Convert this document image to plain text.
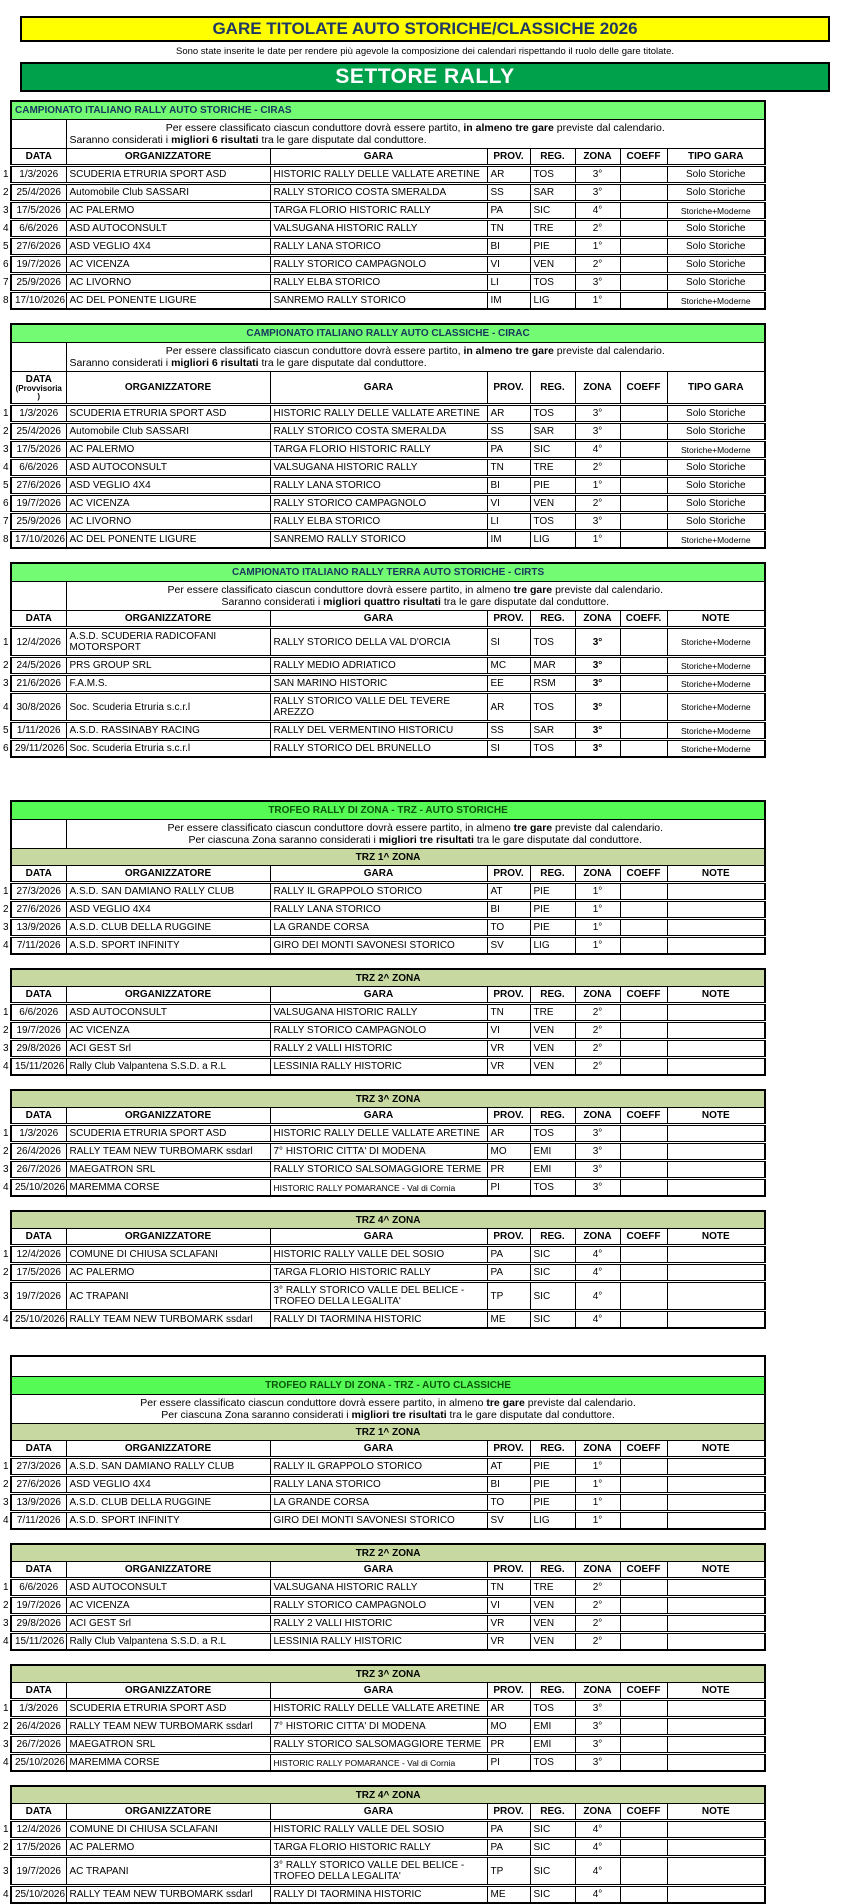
GARE TITOLATE AUTO STORICHE/CLASSICHE 2026
Sono state inserite le date per rendere più agevole la composizione dei calendari rispettando il ruolo delle gare titolate.
SETTORE RALLY
	CAMPIONATO ITALIANO RALLY AUTO STORICHE - CIRAS							

		Per essere classificato ciascun conduttore dovrà essere partito, in almeno tre gare previste dal calendario.
Saranno considerati i migliori 6 risultati tra le gare disputate dal conduttore.						

	DATA	ORGANIZZATORE	GARA	PROV.	REG.	ZONA	COEFF	TIPO GARA
1	1/3/2026	SCUDERIA ETRURIA SPORT ASD	HISTORIC RALLY DELLE VALLATE ARETINE	AR	TOS	3°		Solo Storiche
2	25/4/2026	Automobile Club SASSARI	RALLY STORICO COSTA SMERALDA	SS	SAR	3°		Solo Storiche
3	17/5/2026	AC PALERMO	TARGA FLORIO HISTORIC RALLY	PA	SIC	4°		Storiche+Moderne
4	6/6/2026	ASD AUTOCONSULT	VALSUGANA HISTORIC RALLY	TN	TRE	2°		Solo Storiche
5	27/6/2026	ASD VEGLIO 4X4	RALLY LANA STORICO	BI	PIE	1°		Solo Storiche
6	19/7/2026	AC VICENZA	RALLY STORICO CAMPAGNOLO	VI	VEN	2°		Solo Storiche
7	25/9/2026	AC LIVORNO	RALLY ELBA STORICO	LI	TOS	3°		Solo Storiche
8	17/10/2026	AC DEL PONENTE LIGURE	SANREMO RALLY STORICO	IM	LIG	1°		Storiche+Moderne
	CAMPIONATO ITALIANO RALLY AUTO CLASSICHE - CIRAC							

		Per essere classificato ciascun conduttore dovrà essere partito, in almeno tre gare previste dal calendario.
Saranno considerati i migliori 6 risultati tra le gare disputate dal conduttore.						

	DATA
(Provvisoria)	ORGANIZZATORE	GARA	PROV.	REG.	ZONA	COEFF	TIPO GARA
1	1/3/2026	SCUDERIA ETRURIA SPORT ASD	HISTORIC RALLY DELLE VALLATE ARETINE	AR	TOS	3°		Solo Storiche
2	25/4/2026	Automobile Club SASSARI	RALLY STORICO COSTA SMERALDA	SS	SAR	3°		Solo Storiche
3	17/5/2026	AC PALERMO	TARGA FLORIO HISTORIC RALLY	PA	SIC	4°		Storiche+Moderne
4	6/6/2026	ASD AUTOCONSULT	VALSUGANA HISTORIC RALLY	TN	TRE	2°		Solo Storiche
5	27/6/2026	ASD VEGLIO 4X4	RALLY LANA STORICO	BI	PIE	1°		Solo Storiche
6	19/7/2026	AC VICENZA	RALLY STORICO CAMPAGNOLO	VI	VEN	2°		Solo Storiche
7	25/9/2026	AC LIVORNO	RALLY ELBA STORICO	LI	TOS	3°		Solo Storiche
8	17/10/2026	AC DEL PONENTE LIGURE	SANREMO RALLY STORICO	IM	LIG	1°		Storiche+Moderne
	CAMPIONATO ITALIANO RALLY TERRA AUTO STORICHE - CIRTS							

		Per essere classificato ciascun conduttore dovrà essere partito, in almeno tre gare previste dal calendario.
Saranno considerati i migliori quattro risultati tra le gare disputate dal conduttore.						

	DATA	ORGANIZZATORE	GARA	PROV.	REG.	ZONA	COEFF.	NOTE
1	12/4/2026	A.S.D. SCUDERIA RADICOFANI MOTORSPORT	RALLY STORICO DELLA VAL D'ORCIA	SI	TOS	3°		Storiche+Moderne
2	24/5/2026	PRS GROUP SRL	RALLY MEDIO ADRIATICO	MC	MAR	3°		Storiche+Moderne
3	21/6/2026	F.A.M.S.	SAN MARINO HISTORIC	EE	RSM	3°		Storiche+Moderne
4	30/8/2026	Soc. Scuderia Etruria s.c.r.l	RALLY STORICO VALLE DEL TEVERE AREZZO	AR	TOS	3°		Storiche+Moderne
5	1/11/2026	A.S.D. RASSINABY RACING	RALLY DEL VERMENTINO HISTORICU	SS	SAR	3°		Storiche+Moderne
6	29/11/2026	Soc. Scuderia Etruria s.c.r.l	RALLY STORICO DEL BRUNELLO	SI	TOS	3°		Storiche+Moderne
	TROFEO RALLY DI ZONA - TRZ - AUTO STORICHE							

		Per essere classificato ciascun conduttore dovrà essere partito, in almeno tre gare previste dal calendario.
Per ciascuna Zona saranno considerati i migliori tre risultati tra le gare disputate dal conduttore.						

	TRZ 1^ ZONA							
	DATA	ORGANIZZATORE	GARA	PROV.	REG.	ZONA	COEFF	NOTE
1	27/3/2026	A.S.D. SAN DAMIANO RALLY CLUB	RALLY IL GRAPPOLO STORICO	AT	PIE	1°		
2	27/6/2026	ASD VEGLIO 4X4	RALLY LANA STORICO	BI	PIE	1°		
3	13/9/2026	A.S.D. CLUB DELLA RUGGINE	LA GRANDE CORSA	TO	PIE	1°		
4	7/11/2026	A.S.D. SPORT INFINITY	GIRO DEI MONTI SAVONESI STORICO	SV	LIG	1°		
	TRZ 2^ ZONA							
	DATA	ORGANIZZATORE	GARA	PROV.	REG.	ZONA	COEFF	NOTE
1	6/6/2026	ASD AUTOCONSULT	VALSUGANA HISTORIC RALLY	TN	TRE	2°		
2	19/7/2026	AC VICENZA	RALLY STORICO CAMPAGNOLO	VI	VEN	2°		
3	29/8/2026	ACI GEST Srl	RALLY 2 VALLI HISTORIC	VR	VEN	2°		
4	15/11/2026	Rally Club Valpantena S.S.D. a R.L	LESSINIA RALLY HISTORIC	VR	VEN	2°		
	TRZ 3^ ZONA							
	DATA	ORGANIZZATORE	GARA	PROV.	REG.	ZONA	COEFF	NOTE
1	1/3/2026	SCUDERIA ETRURIA SPORT ASD	HISTORIC RALLY DELLE VALLATE ARETINE	AR	TOS	3°		
2	26/4/2026	RALLY TEAM NEW TURBOMARK ssdarl	7° HISTORIC CITTA' DI MODENA	MO	EMI	3°		
3	26/7/2026	MAEGATRON SRL	RALLY STORICO SALSOMAGGIORE TERME	PR	EMI	3°		
4	25/10/2026	MAREMMA CORSE	HISTORIC RALLY POMARANCE - Val di Cornia	PI	TOS	3°		
	TRZ 4^ ZONA							
	DATA	ORGANIZZATORE	GARA	PROV.	REG.	ZONA	COEFF	NOTE
1	12/4/2026	COMUNE DI CHIUSA SCLAFANI	HISTORIC RALLY VALLE DEL SOSIO	PA	SIC	4°		
2	17/5/2026	AC PALERMO	TARGA FLORIO HISTORIC RALLY	PA	SIC	4°		
3	19/7/2026	AC TRAPANI	3° RALLY STORICO VALLE DEL BELICE - TROFEO DELLA LEGALITA'	TP	SIC	4°		
4	25/10/2026	RALLY TEAM NEW TURBOMARK ssdarl	RALLY DI TAORMINA HISTORIC	ME	SIC	4°		

	TROFEO RALLY DI ZONA - TRZ - AUTO CLASSICHE							

	Per essere classificato ciascun conduttore dovrà essere partito, in almeno tre gare previste dal calendario.
Per ciascuna Zona saranno considerati i migliori tre risultati tra le gare disputate dal conduttore.							

	TRZ 1^ ZONA							
	DATA	ORGANIZZATORE	GARA	PROV.	REG.	ZONA	COEFF	NOTE
1	27/3/2026	A.S.D. SAN DAMIANO RALLY CLUB	RALLY IL GRAPPOLO STORICO	AT	PIE	1°		
2	27/6/2026	ASD VEGLIO 4X4	RALLY LANA STORICO	BI	PIE	1°		
3	13/9/2026	A.S.D. CLUB DELLA RUGGINE	LA GRANDE CORSA	TO	PIE	1°		
4	7/11/2026	A.S.D. SPORT INFINITY	GIRO DEI MONTI SAVONESI STORICO	SV	LIG	1°		
	TRZ 2^ ZONA							
	DATA	ORGANIZZATORE	GARA	PROV.	REG.	ZONA	COEFF	NOTE
1	6/6/2026	ASD AUTOCONSULT	VALSUGANA HISTORIC RALLY	TN	TRE	2°		
2	19/7/2026	AC VICENZA	RALLY STORICO CAMPAGNOLO	VI	VEN	2°		
3	29/8/2026	ACI GEST Srl	RALLY 2 VALLI HISTORIC	VR	VEN	2°		
4	15/11/2026	Rally Club Valpantena S.S.D. a R.L	LESSINIA RALLY HISTORIC	VR	VEN	2°		
	TRZ 3^ ZONA							
	DATA	ORGANIZZATORE	GARA	PROV.	REG.	ZONA	COEFF	NOTE
1	1/3/2026	SCUDERIA ETRURIA SPORT ASD	HISTORIC RALLY DELLE VALLATE ARETINE	AR	TOS	3°		
2	26/4/2026	RALLY TEAM NEW TURBOMARK ssdarl	7° HISTORIC CITTA' DI MODENA	MO	EMI	3°		
3	26/7/2026	MAEGATRON SRL	RALLY STORICO SALSOMAGGIORE TERME	PR	EMI	3°		
4	25/10/2026	MAREMMA CORSE	HISTORIC RALLY POMARANCE - Val di Cornia	PI	TOS	3°		
	TRZ 4^ ZONA							
	DATA	ORGANIZZATORE	GARA	PROV.	REG.	ZONA	COEFF	NOTE
1	12/4/2026	COMUNE DI CHIUSA SCLAFANI	HISTORIC RALLY VALLE DEL SOSIO	PA	SIC	4°		
2	17/5/2026	AC PALERMO	TARGA FLORIO HISTORIC RALLY	PA	SIC	4°		
3	19/7/2026	AC TRAPANI	3° RALLY STORICO VALLE DEL BELICE - TROFEO DELLA LEGALITA'	TP	SIC	4°		
4	25/10/2026	RALLY TEAM NEW TURBOMARK ssdarl	RALLY DI TAORMINA HISTORIC	ME	SIC	4°		
